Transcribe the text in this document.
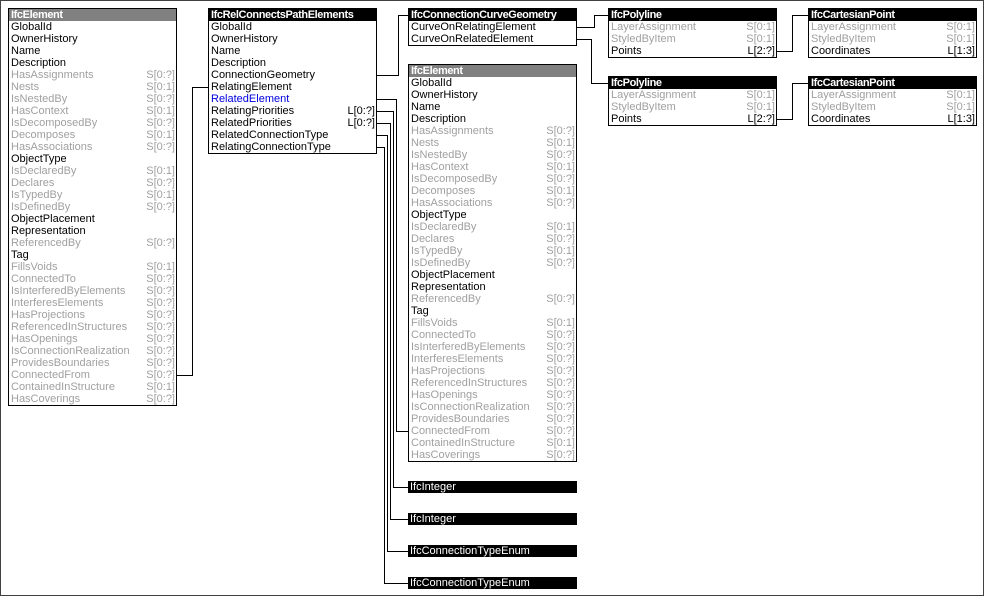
IfcElement
GlobalId
OwnerHistory
Name
Description
HasAssignments	S[0:?]
Nests	S[0:1]
IsNestedBy	S[0:?]
HasContext	S[0:1]
IsDecomposedBy	S[0:?]
Decomposes	S[0:1]
HasAssociations	S[0:?]
ObjectType
IsDeclaredBy	S[0:1]
Declares	S[0:?]
IsTypedBy	S[0:1]
IsDefinedBy	S[0:?]
ObjectPlacement
Representation
ReferencedBy	S[0:?]
Tag
FillsVoids	S[0:1]
ConnectedTo	S[0:?]
IsInterferedByElements S[0:?]
InterferesElements	S[0:?]
HasProjections	S[0:?]
ReferencedInStructures S[0:?]
HasOpenings	S[0:?]
IsConnectionRealization S[0:?]
ProvidesBoundaries	S[0:?]
ConnectedFrom	S[0:?]
ContainedInStructure	S[0:1]
HasCoverings	S[0:?]
IfcRelConnectsPathElements
GlobalId
OwnerHistory
Name
Description
ConnectionGeometry
RelatingElement
RelatedElement
RelatingPriorities	L[0:?]
RelatedPriorities	L[0:?]
RelatedConnectionType
RelatingConnectionType
IfcConnectionCurveGeometry
CurveOnRelatingElement
CurveOnRelatedElement
IfcElement
GlobalId
OwnerHistory
Name
Description
HasAssignments	S[0:?]
Nests	S[0:1]
IsNestedBy	S[0:?]
HasContext	S[0:1]
IsDecomposedBy	S[0:?]
Decomposes	S[0:1]
HasAssociations	S[0:?]
ObjectType
IsDeclaredBy	S[0:1]
Declares	S[0:?]
IsTypedBy	S[0:1]
IsDefinedBy	S[0:?]
ObjectPlacement
Representation
ReferencedBy	S[0:?]
Tag
FillsVoids	S[0:1]
ConnectedTo	S[0:?]
IsInterferedByElements S[0:?]
InterferesElements	S[0:?]
HasProjections	S[0:?]
ReferencedInStructures S[0:?]
HasOpenings	S[0:?]
IsConnectionRealization S[0:?]
ProvidesBoundaries	S[0:?]
ConnectedFrom	S[0:?]
ContainedInStructure	S[0:1]
HasCoverings	S[0:?]
IfcPolyline
LayerAssignment	S[0:1]
StyledByItem	S[0:1]
Points	L[2:?]
IfcPolyline
LayerAssignment	S[0:1]
StyledByItem	S[0:1]
Points	L[2:?]
IfcCartesianPoint
LayerAssignment	S[0:1]
StyledByItem	S[0:1]
Coordinates	L[1:3]
IfcCartesianPoint
LayerAssignment	S[0:1]
StyledByItem	S[0:1]
Coordinates	L[1:3]
IfcInteger
IfcInteger
IfcConnectionTypeEnum
IfcConnectionTypeEnum
